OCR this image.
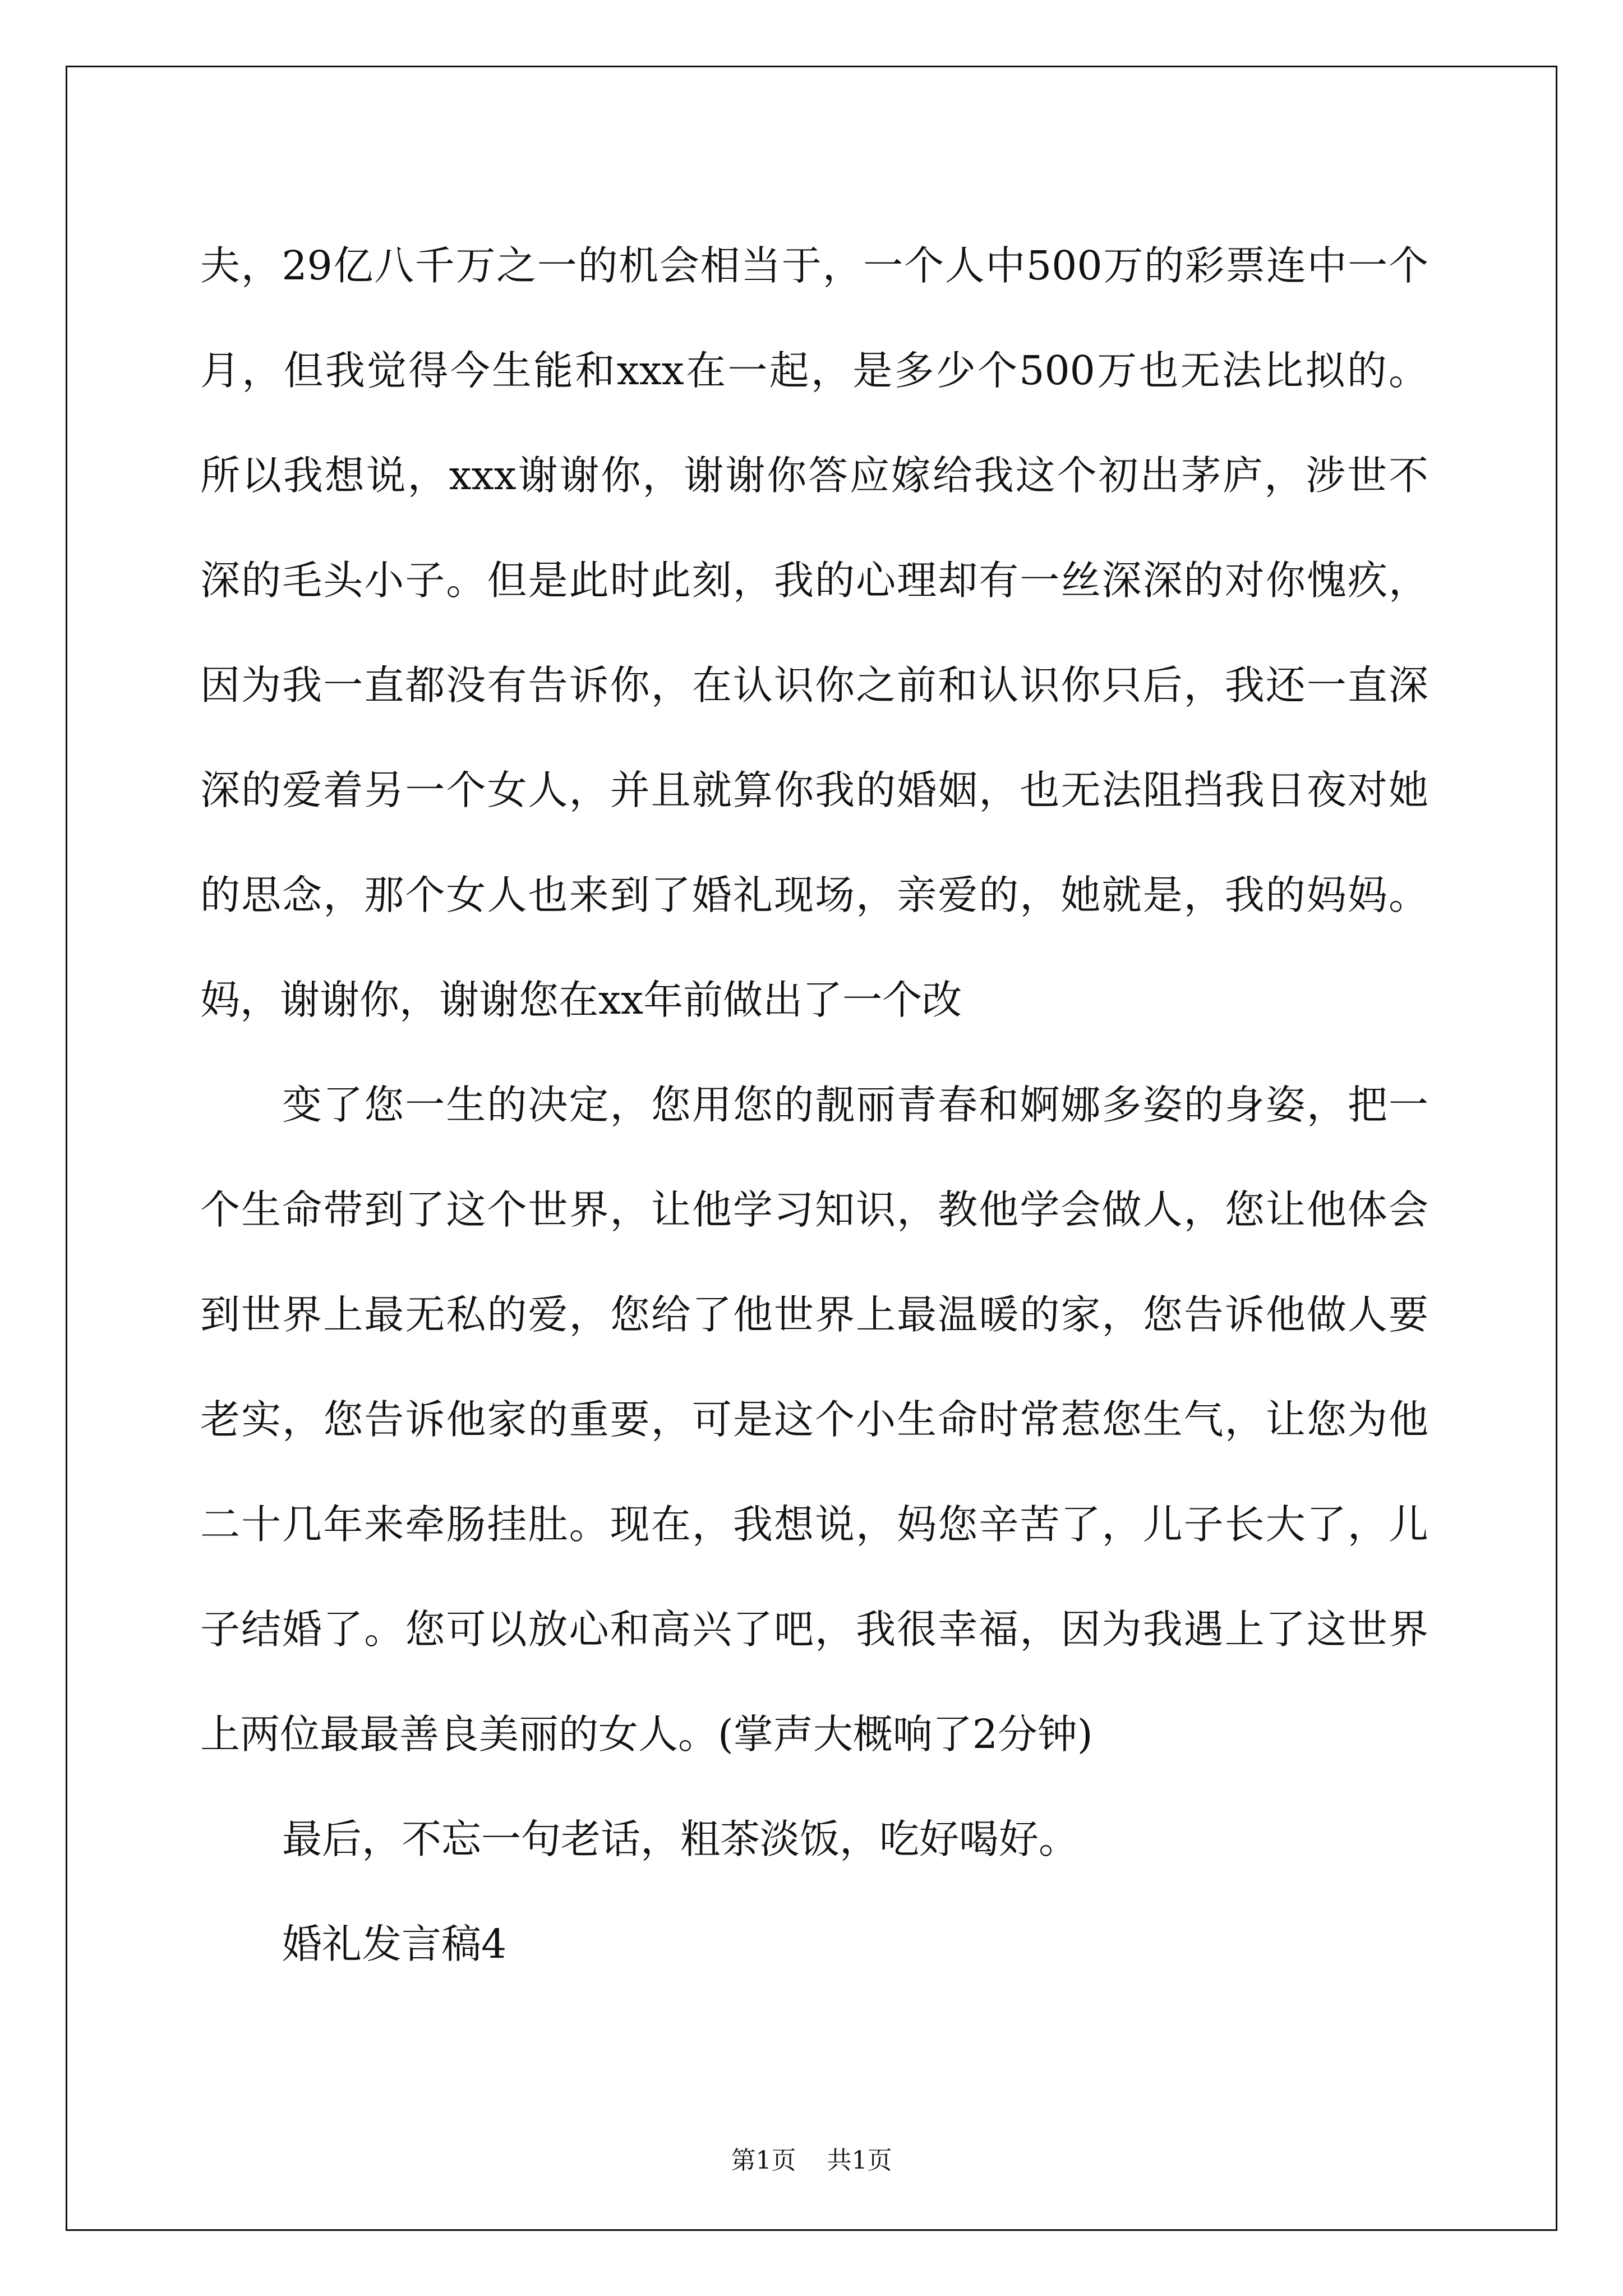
夫，29亿八千万之一的机会相当于，一个人中500万的彩票连中一个
月，但我觉得今生能和xxx在一起，是多少个500万也无法比拟的。
所以我想说，xxx谢谢你，谢谢你答应嫁给我这个初出茅庐，涉世不
深的毛头小子。但是此时此刻，我的心理却有一丝深深的对你愧疚，
因为我一直都没有告诉你，在认识你之前和认识你只后，我还一直深
深的爱着另一个女人，并且就算你我的婚姻，也无法阻挡我日夜对她
的思念，那个女人也来到了婚礼现场，亲爱的，她就是，我的妈妈。
妈，谢谢你，谢谢您在xx年前做出了一个改
变了您一生的决定，您用您的靓丽青春和婀娜多姿的身姿，把一
个生命带到了这个世界，让他学习知识，教他学会做人，您让他体会
到世界上最无私的爱，您给了他世界上最温暖的家，您告诉他做人要
老实，您告诉他家的重要，可是这个小生命时常惹您生气，让您为他
二十几年来牵肠挂肚。现在，我想说，妈您辛苦了，儿子长大了，儿
子结婚了。您可以放心和高兴了吧，我很幸福，因为我遇上了这世界
上两位最最善良美丽的女人。(掌声大概响了2分钟)
最后，不忘一句老话，粗茶淡饭，吃好喝好。
婚礼发言稿4
第1页 共1页
